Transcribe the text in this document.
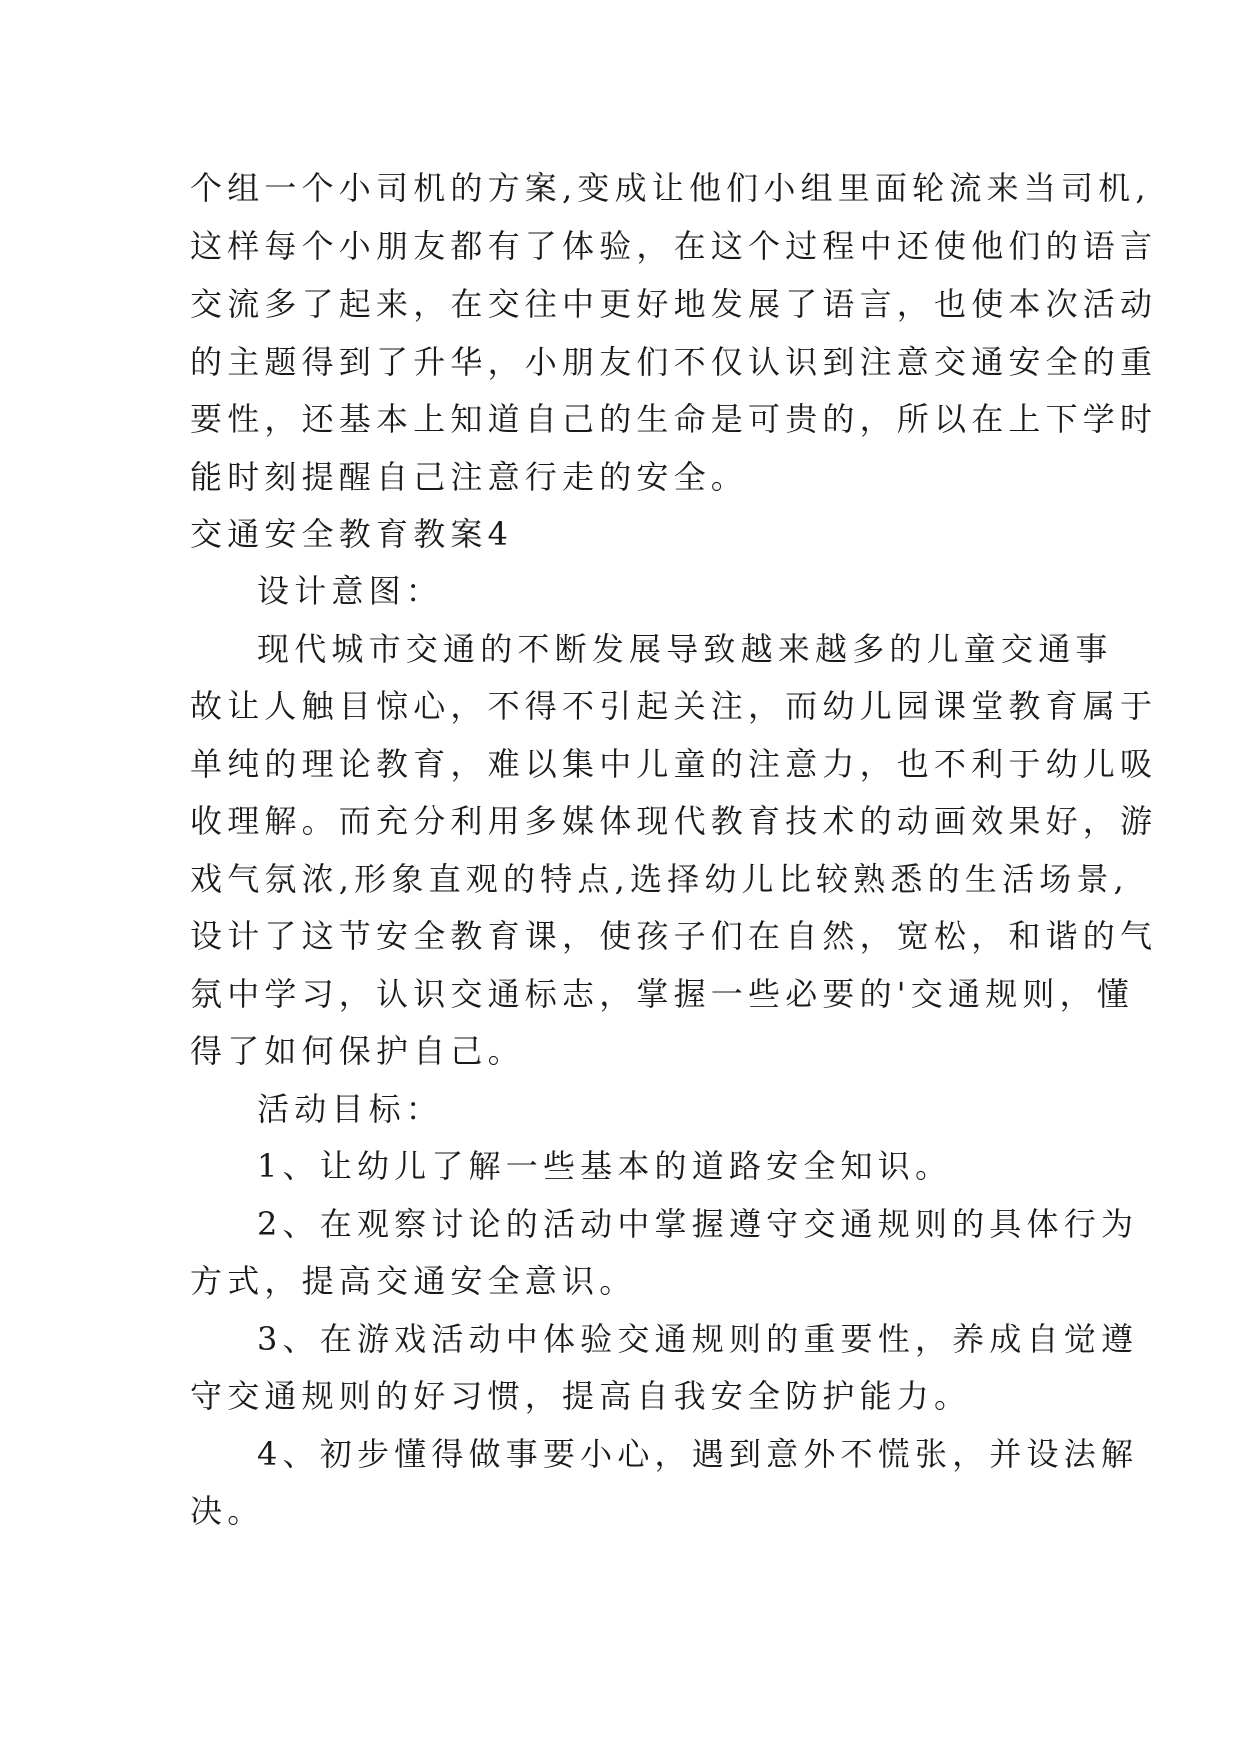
个组一个小司机的方案,变成让他们小组里面轮流来当司机,
这样每个小朋友都有了体验，在这个过程中还使他们的语言
交流多了起来，在交往中更好地发展了语言，也使本次活动
的主题得到了升华，小朋友们不仅认识到注意交通安全的重
要性，还基本上知道自己的生命是可贵的，所以在上下学时
能时刻提醒自己注意行走的安全。
交通安全教育教案4
设计意图：
现代城市交通的不断发展导致越来越多的儿童交通事
故让人触目惊心，不得不引起关注，而幼儿园课堂教育属于
单纯的理论教育，难以集中儿童的注意力，也不利于幼儿吸
收理解。而充分利用多媒体现代教育技术的动画效果好，游
戏气氛浓,形象直观的特点,选择幼儿比较熟悉的生活场景,
设计了这节安全教育课，使孩子们在自然，宽松，和谐的气
氛中学习，认识交通标志，掌握一些必要的'交通规则，懂
得了如何保护自己。
活动目标：
1、让幼儿了解一些基本的道路安全知识。
2、在观察讨论的活动中掌握遵守交通规则的具体行为
方式，提高交通安全意识。
3、在游戏活动中体验交通规则的重要性，养成自觉遵
守交通规则的好习惯，提高自我安全防护能力。
4、初步懂得做事要小心，遇到意外不慌张，并设法解
决。
